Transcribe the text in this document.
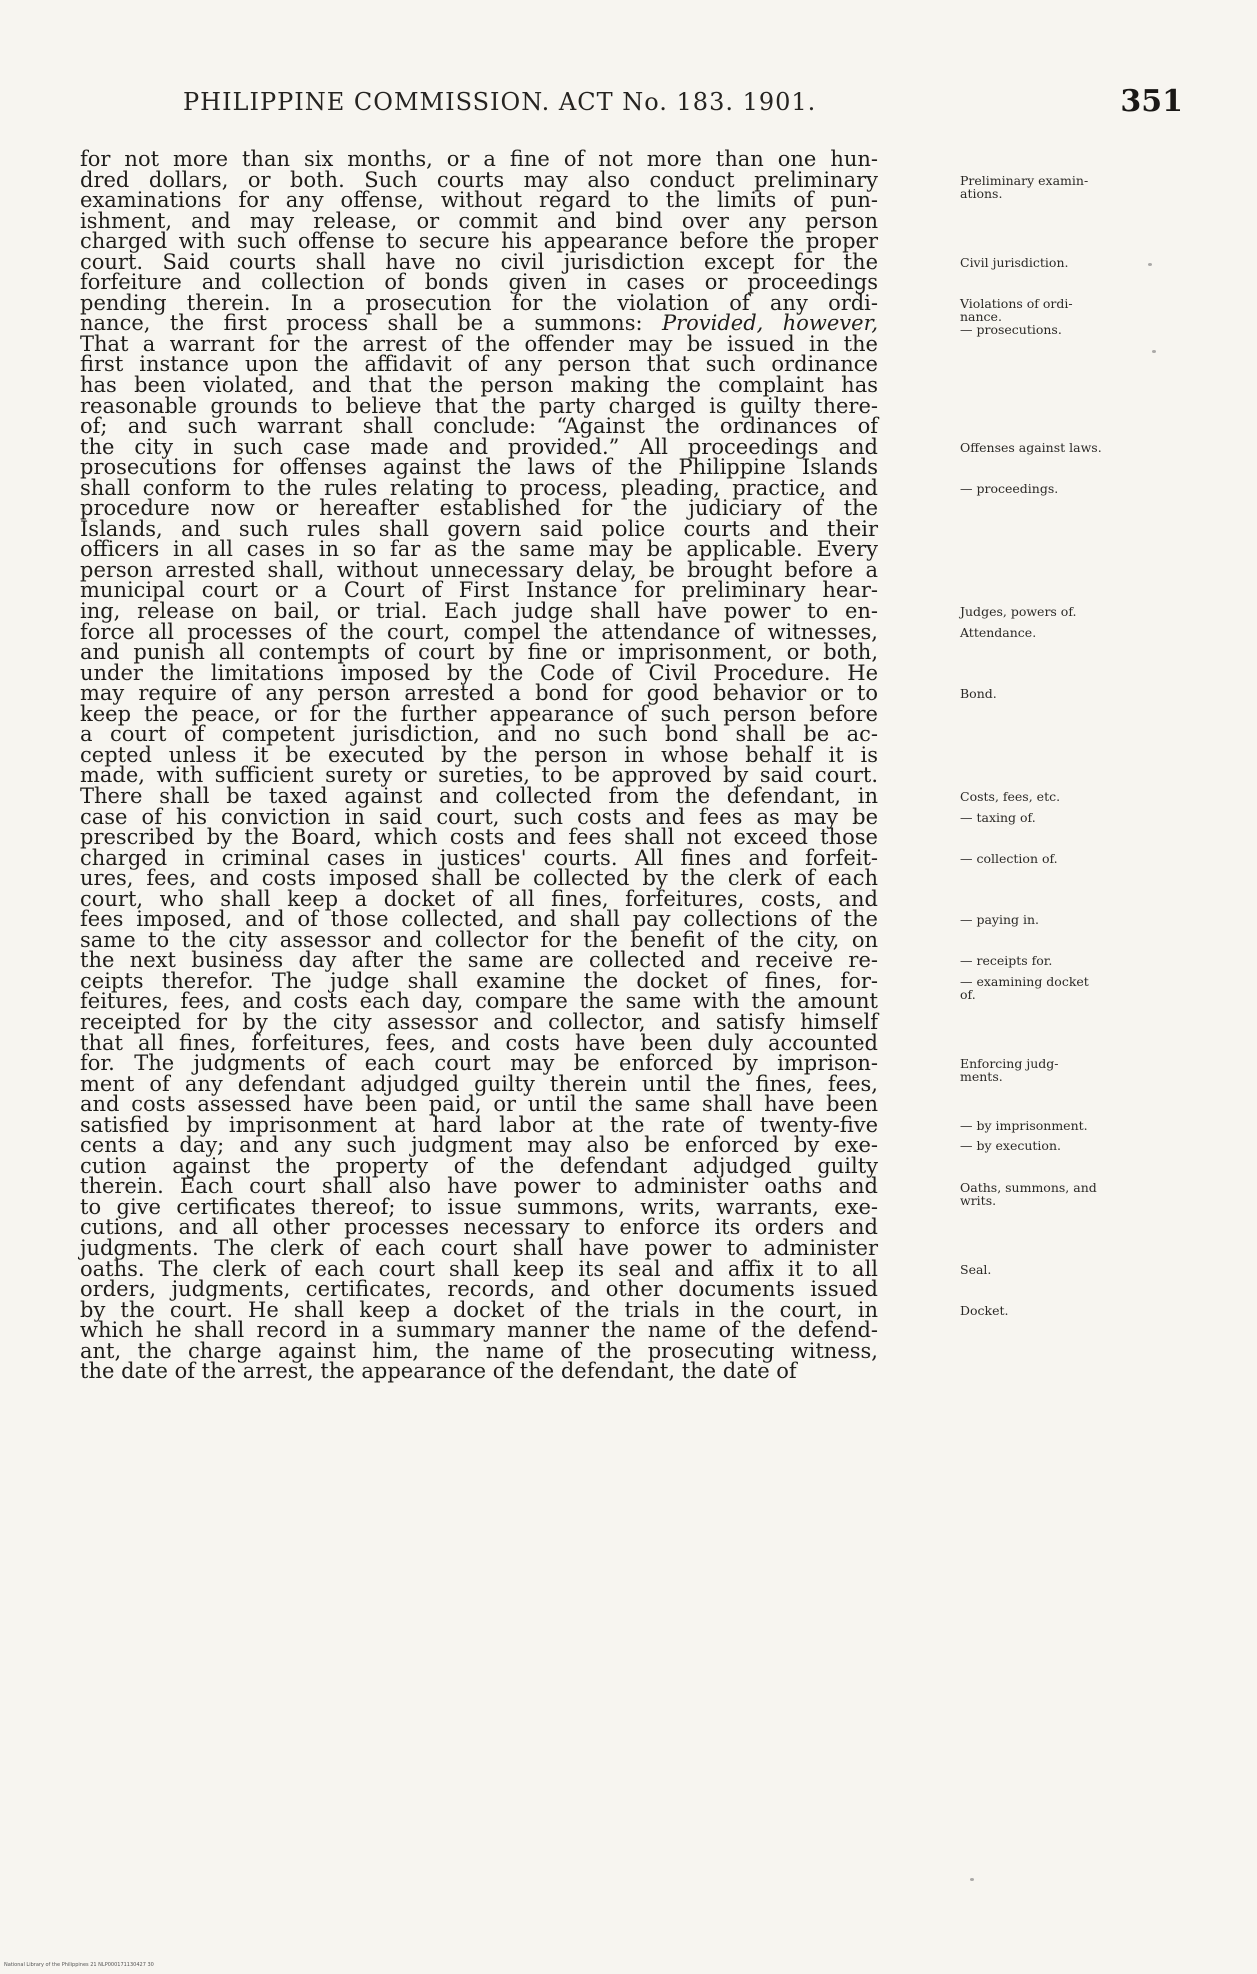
PHILIPPINE COMMISSION. ACT No. 183. 1901.	351
for not more than six months, or a fine of not more than one hun-
dred dollars, or both. Such courts may also conduct preliminary
examinations for any offense, without regard to the limits of pun-
ishment, and may release, or commit and bind over any person
charged with such offense to secure his appearance before the proper
court. Said courts shall have no civil jurisdiction except for the
forfeiture and collection of bonds given in cases or proceedings
pending therein. In a prosecution for the violation of any ordi-
nance, the first process shall be a summons: Provided, however,
That a warrant for the arrest of the offender may be issued in the
first instance upon the affidavit of any person that such ordinance
has been violated, and that the person making the complaint has
reasonable grounds to believe that the party charged is guilty there-
of; and such warrant shall conclude: “Against the ordinances of
the city in such case made and provided.” All proceedings and
prosecutions for offenses against the laws of the Philippine Islands
shall conform to the rules relating to process, pleading, practice, and
procedure now or hereafter established for the judiciary of the
Islands, and such rules shall govern said police courts and their
officers in all cases in so far as the same may be applicable. Every
person arrested shall, without unnecessary delay, be brought before a
municipal court or a Court of First Instance for preliminary hear-
ing, release on bail, or trial. Each judge shall have power to en-
force all processes of the court, compel the attendance of witnesses,
and punish all contempts of court by fine or imprisonment, or both,
under the limitations imposed by the Code of Civil Procedure. He
may require of any person arrested a bond for good behavior or to
keep the peace, or for the further appearance of such person before
a court of competent jurisdiction, and no such bond shall be ac-
cepted unless it be executed by the person in whose behalf it is
made, with sufficient surety or sureties, to be approved by said court.
There shall be taxed against and collected from the defendant, in
case of his conviction in said court, such costs and fees as may be
prescribed by the Board, which costs and fees shall not exceed those
charged in criminal cases in justices' courts. All fines and forfeit-
ures, fees, and costs imposed shall be collected by the clerk of each
court, who shall keep a docket of all fines, forfeitures, costs, and
fees imposed, and of those collected, and shall pay collections of the
same to the city assessor and collector for the benefit of the city, on
the next business day after the same are collected and receive re-
ceipts therefor. The judge shall examine the docket of fines, for-
feitures, fees, and costs each day, compare the same with the amount
receipted for by the city assessor and collector, and satisfy himself
that all fines, forfeitures, fees, and costs have been duly accounted
for. The judgments of each court may be enforced by imprison-
ment of any defendant adjudged guilty therein until the fines, fees,
and costs assessed have been paid, or until the same shall have been
satisfied by imprisonment at hard labor at the rate of twenty-five
cents a day; and any such judgment may also be enforced by exe-
cution against the property of the defendant adjudged guilty
therein. Each court shall also have power to administer oaths and
to give certificates thereof; to issue summons, writs, warrants, exe-
cutions, and all other processes necessary to enforce its orders and
judgments. The clerk of each court shall have power to administer
oaths. The clerk of each court shall keep its seal and affix it to all
orders, judgments, certificates, records, and other documents issued
by the court. He shall keep a docket of the trials in the court, in
which he shall record in a summary manner the name of the defend-
ant, the charge against him, the name of the prosecuting witness,
the date of the arrest, the appearance of the defendant, the date of
Preliminary examin-
ations.
Civil jurisdiction.
Violations of ordi-
nance.
— prosecutions.
Offenses against laws.
— proceedings.
Judges, powers of.
Attendance.
Bond.
Costs, fees, etc.
— taxing of.
— collection of.
— paying in.
— receipts for.
— examining docket
of.
Enforcing judg-
ments.
— by imprisonment.
— by execution.
Oaths, summons, and
writs.
Seal.
Docket.
National Library of the Philippines 21 NLP000171130427 30
